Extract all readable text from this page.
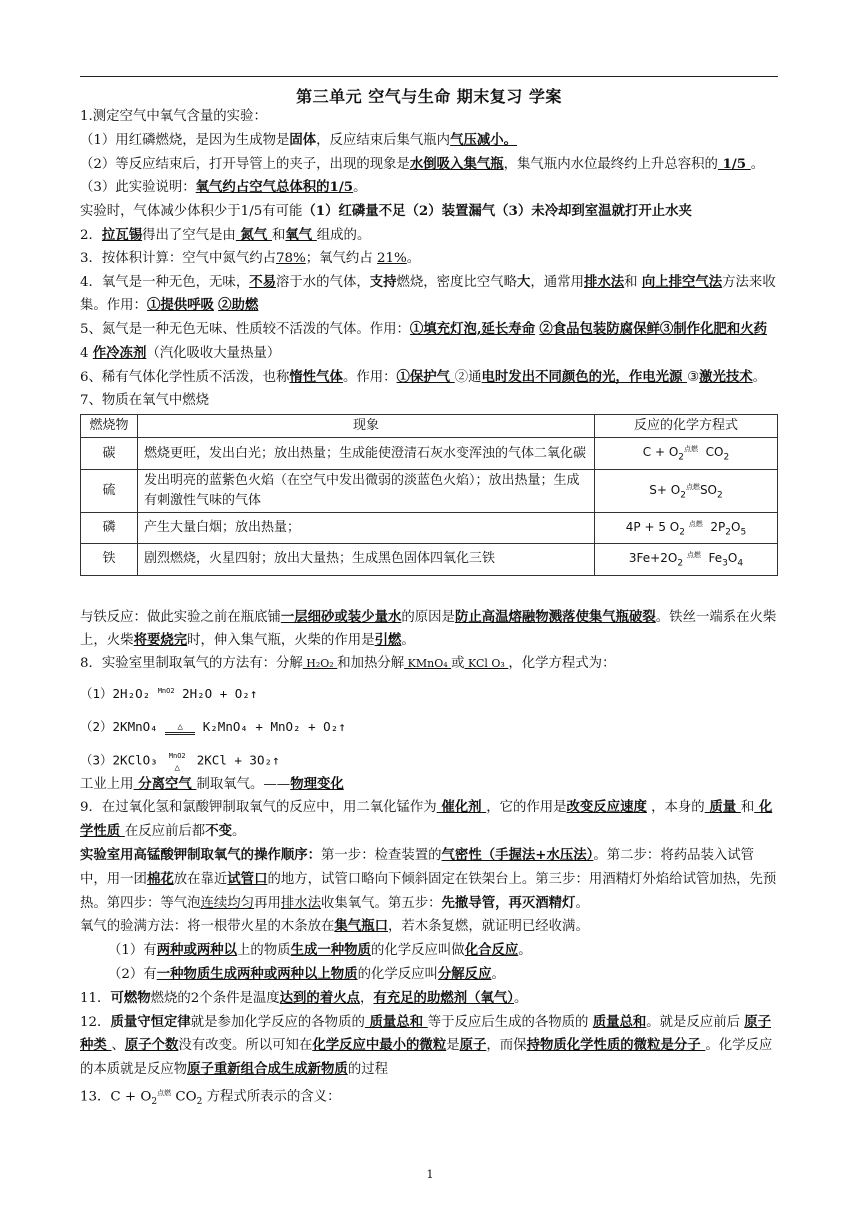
第三单元 空气与生命 期末复习 学案

1.测定空气中氧气含量的实验：

（1）用红磷燃烧，是因为生成物是固体，反应结束后集气瓶内气压减小。

（2）等反应结束后，打开导管上的夹子，出现的现象是水倒吸入集气瓶，集气瓶内水位最终约上升总容积的 1/5 。

（3）此实验说明：氧气约占空气总体积的1/5。

实验时，气体减少体积少于1/5有可能（1）红磷量不足（2）装置漏气（3）未冷却到室温就打开止水夹

2．拉瓦锡得出了空气是由 氮气 和氧气 组成的。

3．按体积计算：空气中氮气约占78%；氧气约占 21%。

4．氧气是一种无色，无味，不易溶于水的气体，支持燃烧，密度比空气略大，通常用排水法和 向上排空气法方法来收集。作用：①提供呼吸 ②助燃

5、氮气是一种无色无味、性质较不活泼的气体。作用：①填充灯泡,延长寿命 ②食品包装防腐保鲜③制作化肥和火药 4 作冷冻剂（汽化吸收大量热量）

6、稀有气体化学性质不活泼，也称惰性气体。作用：①保护气 ②通电时发出不同颜色的光，作电光源 ③激光技术。

7、物质在氧气中燃烧

燃烧物	现象	反应的化学方程式
碳	燃烧更旺，发出白光；放出热量；生成能使澄清石灰水变浑浊的气体二氧化碳	$C + O_2^{点燃}$ $CO_2$
硫	发出明亮的蓝紫色火焰（在空气中发出微弱的淡蓝色火焰）；放出热量；生成有刺激性气味的气体	$S+ O_2^{点燃}SO_2$
磷	产生大量白烟；放出热量；	4P + 5 $O_2$ $^{点燃}$ $2P_2O_5$
铁	剧烈燃烧，火星四射；放出大量热；生成黑色固体四氧化三铁	$3Fe+2O_2$ $^{点燃}$ $Fe_3O_4$

与铁反应：做此实验之前在瓶底铺一层细砂或装少量水的原因是防止高温熔融物溅落使集气瓶破裂。铁丝一端系在火柴上，火柴将要烧完时，伸入集气瓶，火柴的作用是引燃。

8．实验室里制取氧气的方法有：分解 H₂O₂ 和加热分解 KMnO₄ 或 KCl O₃ ，化学方程式为：

（1）2H₂O₂ $^{MnO2}$ 2H₂O + O₂↑

（2）2KMnO₄ △ K₂MnO₄ + MnO₂ + O₂↑

（3）2KClO₃ MnO2
△ 2KCl + 3O₂↑

工业上用 分离空气 制取氧气。——物理变化

9．在过氧化氢和氯酸钾制取氧气的反应中，用二氧化锰作为 催化剂 ，它的作用是改变反应速度 ，本身的 质量 和 化学性质 在反应前后都不变。

实验室用高锰酸钾制取氧气的操作顺序：第一步：检查装置的气密性（手握法+水压法）。第二步：将药品装入试管中，用一团棉花放在靠近试管口的地方，试管口略向下倾斜固定在铁架台上。第三步：用酒精灯外焰给试管加热，先预热。第四步：等气泡连续均匀再用排水法收集氧气。第五步：先撤导管，再灭酒精灯。

氧气的验满方法：将一根带火星的木条放在集气瓶口，若木条复燃，就证明已经收满。

（1）有两种或两种以上的物质生成一种物质的化学反应叫做化合反应。

（2）有一种物质生成两种或两种以上物质的化学反应叫分解反应。

11．可燃物燃烧的2个条件是温度达到的着火点，有充足的助燃剂（氧气）。

12．质量守恒定律就是参加化学反应的各物质的 质量总和 等于反应后生成的各物质的 质量总和。就是反应前后 原子种类 、原子个数没有改变。所以可知在化学反应中最小的微粒是原子，而保持物质化学性质的微粒是分子 。化学反应的本质就是反应物原子重新组合成生成新物质的过程

13．$C + O_2^{点燃}$ $CO_2$ 方程式所表示的含义：

1
